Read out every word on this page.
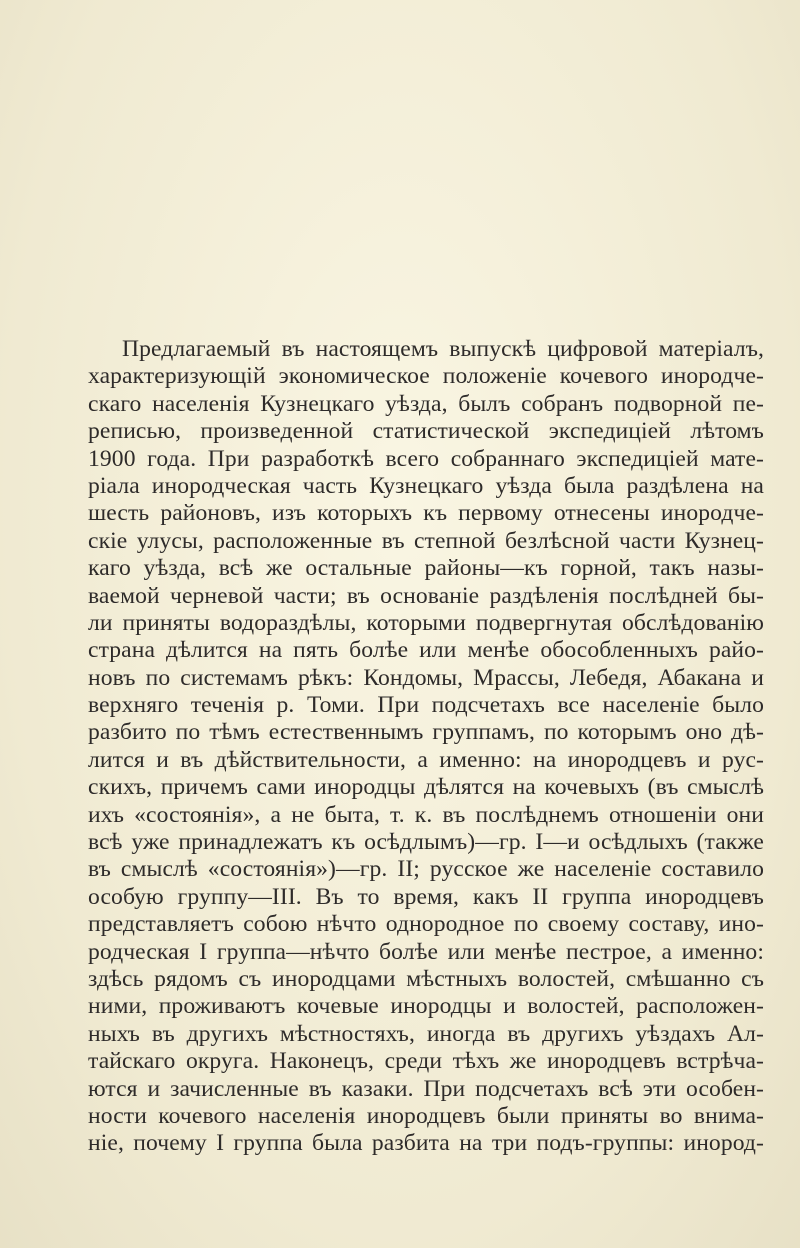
Предлагаемый въ настоящемъ выпускѣ цифровой матеріалъ,
характеризующій экономическое положеніе кочевого инородче-
скаго населенія Кузнецкаго уѣзда, былъ собранъ подворной пе-
реписью, произведенной статистической экспедиціей лѣтомъ
1900 года. При разработкѣ всего собраннаго экспедиціей мате-
ріала инородческая часть Кузнецкаго уѣзда была раздѣлена на
шесть районовъ, изъ которыхъ къ первому отнесены инородче-
скіе улусы, расположенные въ степной безлѣсной части Кузнец-
каго уѣзда, всѣ же остальные районы—къ горной, такъ назы-
ваемой черневой части; въ основаніе раздѣленія послѣдней бы-
ли приняты водораздѣлы, которыми подвергнутая обслѣдованію
страна дѣлится на пять болѣе или менѣе обособленныхъ райо-
новъ по системамъ рѣкъ: Кондомы, Мрассы, Лебедя, Абакана и
верхняго теченія р. Томи. При подсчетахъ все населеніе было
разбито по тѣмъ естественнымъ группамъ, по которымъ оно дѣ-
лится и въ дѣйствительности, а именно: на инородцевъ и рус-
скихъ, причемъ сами инородцы дѣлятся на кочевыхъ (въ смыслѣ
ихъ «состоянія», а не быта, т. к. въ послѣднемъ отношеніи они
всѣ уже принадлежатъ къ осѣдлымъ)—гр. I—и осѣдлыхъ (также
въ смыслѣ «состоянія»)—гр. II; русское же населеніе составило
особую группу—III. Въ то время, какъ II группа инородцевъ
представляетъ собою нѣчто однородное по своему составу, ино-
родческая I группа—нѣчто болѣе или менѣе пестрое, а именно:
здѣсь рядомъ съ инородцами мѣстныхъ волостей, смѣшанно съ
ними, проживаютъ кочевые инородцы и волостей, расположен-
ныхъ въ другихъ мѣстностяхъ, иногда въ другихъ уѣздахъ Ал-
тайскаго округа. Наконецъ, среди тѣхъ же инородцевъ встрѣча-
ются и зачисленные въ казаки. При подсчетахъ всѣ эти особен-
ности кочевого населенія инородцевъ были приняты во внима-
ніе, почему I группа была разбита на три подъ-группы: инород-
